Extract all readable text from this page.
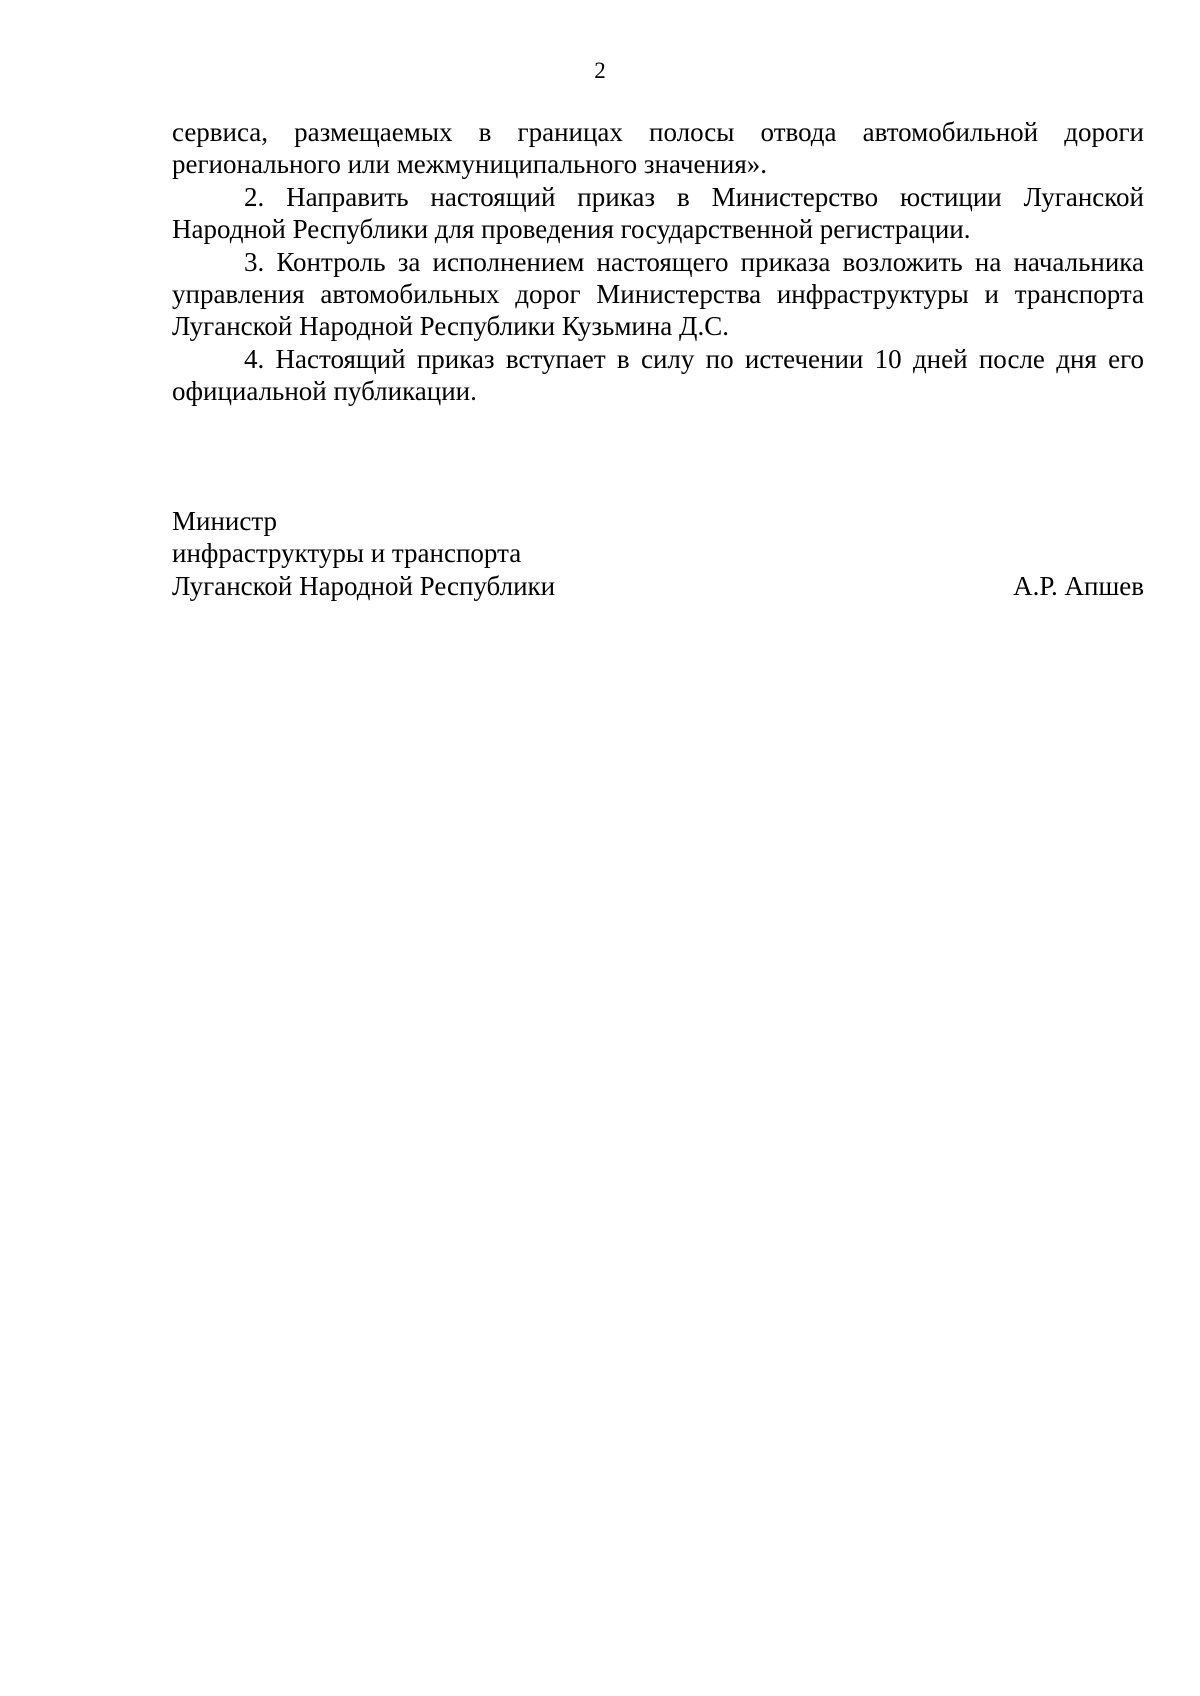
2

сервиса, размещаемых в границах полосы отвода автомобильной дороги регионального или межмуниципального значения».

2. Направить настоящий приказ в Министерство юстиции Луганской Народной Республики для проведения государственной регистрации.

3. Контроль за исполнением настоящего приказа возложить на начальника управления автомобильных дорог Министерства инфраструктуры и транспорта Луганской Народной Республики Кузьмина Д.С.

4. Настоящий приказ вступает в силу по истечении 10 дней после дня его официальной публикации.

Министр

инфраструктуры и транспорта

Луганской Народной Республики	А.Р. Апшев
